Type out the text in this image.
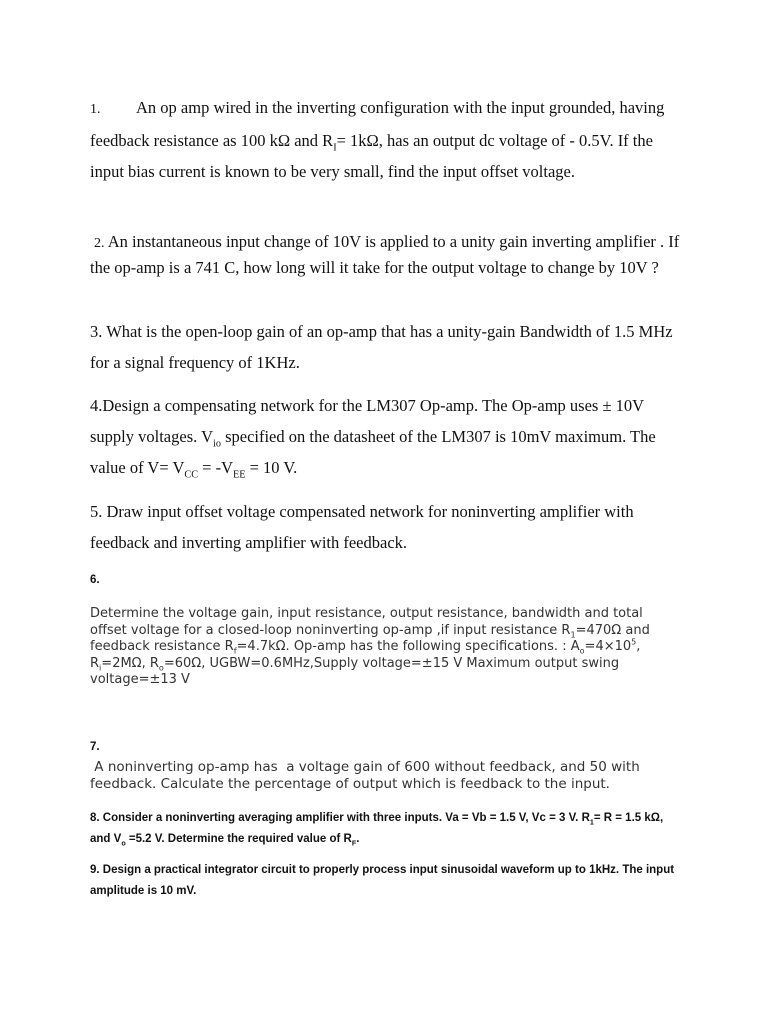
1. An op amp wired in the inverting configuration with the input grounded, having feedback resistance as 100 kΩ and $R_I= 1k\Omega$, has an output dc voltage of - 0.5V. If the input bias current is known to be very small, find the input offset voltage.

2. An instantaneous input change of 10V is applied to a unity gain inverting amplifier . If the op-amp is a 741 C, how long will it take for the output voltage to change by 10V ?

3. What is the open-loop gain of an op-amp that has a unity-gain Bandwidth of 1.5 MHz for a signal frequency of 1KHz.

4.Design a compensating network for the LM307 Op-amp. The Op-amp uses ± 10V supply voltages. $V_{io}$ specified on the datasheet of the LM307 is 10mV maximum. The value of $V= V_{CC} = -V_{EE} = 10$ V.

5. Draw input offset voltage compensated network for noninverting amplifier with feedback and inverting amplifier with feedback.

6.

Determine the voltage gain, input resistance, output resistance, bandwidth and total

offset voltage for a closed-loop noninverting op-amp ,if input resistance $R_1=470\Omega$ and

feedback resistance $R_f=4.7k\Omega$. Op-amp has the following specifications. : $A_o=4\times 10^5$,

$R_i=2M\Omega$, $R_o=60\Omega$, UGBW=0.6MHz,Supply voltage=±15 V Maximum output swing

voltage=±13 V

7.

A noninverting op-amp has  a voltage gain of 600 without feedback, and 50 with

feedback. Calculate the percentage of output which is feedback to the input.

8. Consider a noninverting averaging amplifier with three inputs. Va = Vb = 1.5 V, Vc = 3 V. $R_1= R = 1.5$ kΩ, and $V_o =5.2$ V. Determine the required value of $R_F$.

9. Design a practical integrator circuit to properly process input sinusoidal waveform up to 1kHz. The input amplitude is 10 mV.
